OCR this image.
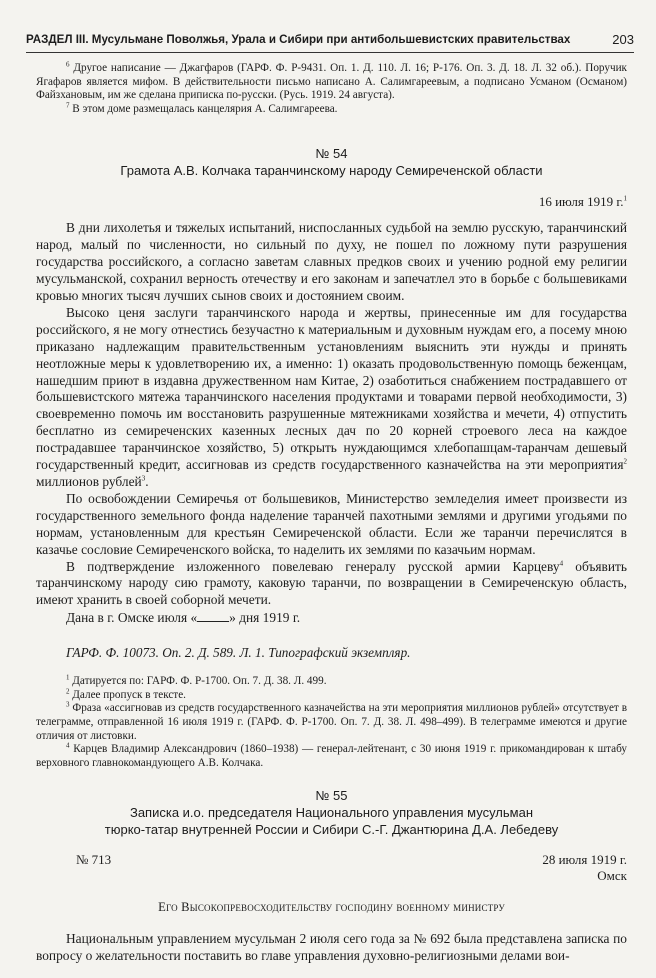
РАЗДЕЛ III. Мусульмане Поволжья, Урала и Сибири при антибольшевистских правительствах	203
$^6$ Другое написание — Джагфаров (ГАРФ. Ф. Р-9431. Оп. 1. Д. 110. Л. 16; Р-176. Оп. 3. Д. 18. Л. 32 об.). Поручик Ягафаров является мифом. В действительности письмо написано А. Салимгареевым, а подписано Усманом (Османом) Файзхановым, им же сделана приписка по-русски. (Русь. 1919. 24 августа).
$^7$ В этом доме размещалась канцелярия А. Салимгареева.
№ 54
Грамота А.В. Колчака таранчинскому народу Семиреченской области
16 июля 1919 г.$^1$

В дни лихолетья и тяжелых испытаний, ниспосланных судьбой на землю русскую, таранчинский народ, малый по численности, но сильный по духу, не пошел по ложному пути разрушения государства российского, а согласно заветам славных предков своих и учению родной ему религии мусульманской, сохранил верность отечеству и его законам и запечатлел это в борьбе с большевиками кровью многих тысяч лучших сынов своих и достоянием своим.

Высоко ценя заслуги таранчинского народа и жертвы, принесенные им для государства российского, я не могу отнестись безучастно к материальным и духовным нуждам его, а посему мною приказано надлежащим правительственным установлениям выяснить эти нужды и принять неотложные меры к удовлетворению их, а именно: 1) оказать продовольственную помощь беженцам, нашедшим приют в издавна дружественном нам Китае, 2) озаботиться снабжением пострадавшего от большевистского мятежа таранчинского населения продуктами и товарами первой необходимости, 3) своевременно помочь им восстановить разрушенные мятежниками хозяйства и мечети, 4) отпустить бесплатно из семиреченских казенных лесных дач по 20 корней строевого леса на каждое пострадавшее таранчинское хозяйство, 5) открыть нуждающимся хлебопашцам-таранчам дешевый государственный кредит, ассигновав из средств государственного казначейства на эти мероприятия$^2$ миллионов рублей$^3$.

По освобождении Семиречья от большевиков, Министерство земледелия имеет произвести из государственного земельного фонда наделение таранчей пахотными землями и другими угодьями по нормам, установленным для крестьян Семиреченской области. Если же таранчи перечислятся в казачье сословие Семиреченского войска, то наделить их землями по казачьим нормам.

В подтверждение изложенного повелеваю генералу русской армии Карцеву$^4$ объявить таранчинскому народу сию грамоту, каковую таранчи, по возвращении в Семиреченскую область, имеют хранить в своей соборной мечети.

Дана в г. Омске июля « » дня 1919 г.

ГАРФ. Ф. 10073. Оп. 2. Д. 589. Л. 1. Типографский экземпляр.
$^1$ Датируется по: ГАРФ. Ф. Р-1700. Оп. 7. Д. 38. Л. 499.
$^2$ Далее пропуск в тексте.
$^3$ Фраза «ассигновав из средств государственного казначейства на эти мероприятия миллионов рублей» отсутствует в телеграмме, отправленной 16 июля 1919 г. (ГАРФ. Ф. Р-1700. Оп. 7. Д. 38. Л. 498–499). В телеграмме имеются и другие отличия от листовки.
$^4$ Карцев Владимир Александрович (1860–1938) — генерал-лейтенант, с 30 июня 1919 г. прикомандирован к штабу верховного главнокомандующего А.В. Колчака.
№ 55
Записка и.о. председателя Национального управления мусульман
тюрко-татар внутренней России и Сибири С.-Г. Джантюрина Д.А. Лебедеву
№ 713	28 июля 1919 г.
Омск
Его Высокопревосходительству господину военному министру

Национальным управлением мусульман 2 июля сего года за № 692 была представлена записка по вопросу о желательности поставить во главе управления духовно-религиозными делами вои-
